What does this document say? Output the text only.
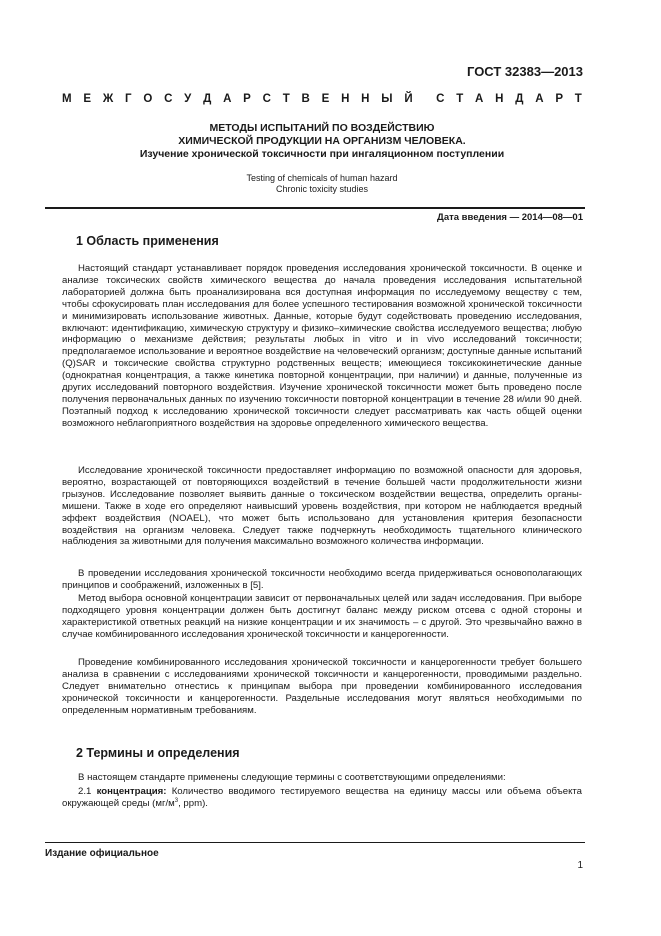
ГОСТ 32383—2013
М Е Ж Г О С У Д А Р С Т В Е Н Н Ы Й С Т А Н Д А Р Т
МЕТОДЫ ИСПЫТАНИЙ ПО ВОЗДЕЙСТВИЮ
ХИМИЧЕСКОЙ ПРОДУКЦИИ НА ОРГАНИЗМ ЧЕЛОВЕКА.
Изучение хронической токсичности при ингаляционном поступлении
Testing of chemicals of human hazard
Chronic toxicity studies
Дата введения — 2014—08—01
1 Область применения

Настоящий стандарт устанавливает порядок проведения исследования хронической токсичности. В оценке и анализе токсических свойств химического вещества до начала проведения исследования испытательной лабораторией должна быть проанализирована вся доступная информация по исследуемому веществу с тем, чтобы сфокусировать план исследования для более успешного тестирования возможной хронической токсичности и минимизировать использование животных. Данные, которые будут содействовать проведению исследования, включают: идентификацию, химическую структуру и физико–химические свойства исследуемого вещества; любую информацию о механизме действия; результаты любых in vitro и in vivo исследований токсичности; предполагаемое использование и вероятное воздействие на человеческий организм; доступные данные испытаний (Q)SAR и токсические свойства структурно родственных веществ; имеющиеся токсикокинетические данные (однократная концентрация, а также кинетика повторной концентрации, при наличии) и данные, полученные из других исследований повторного воздействия. Изучение хронической токсичности может быть проведено после получения первоначальных данных по изучению токсичности повторной концентрации в течение 28 и/или 90 дней. Поэтапный подход к исследованию хронической токсичности следует рассматривать как часть общей оценки возможного неблагоприятного воздействия на здоровье определенного химического вещества.

Исследование хронической токсичности предоставляет информацию по возможной опасности для здоровья, вероятно, возрастающей от повторяющихся воздействий в течение большей части продолжительности жизни грызунов. Исследование позволяет выявить данные о токсическом воздействии вещества, определить органы-мишени. Также в ходе его определяют наивысший уровень воздействия, при котором не наблюдается вредный эффект воздействия (NOAEL), что может быть использовано для установления критерия безопасности воздействия на организм человека. Следует также подчеркнуть необходимость тщательного клинического наблюдения за животными для получения максимально возможного количества информации.

В проведении исследования хронической токсичности необходимо всегда придерживаться основополагающих принципов и соображений, изложенных в [5].

Метод выбора основной концентрации зависит от первоначальных целей или задач исследования. При выборе подходящего уровня концентрации должен быть достигнут баланс между риском отсева с одной стороны и характеристикой ответных реакций на низкие концентрации и их значимость – с другой. Это чрезвычайно важно в случае комбинированного исследования хронической токсичности и канцерогенности.

Проведение комбинированного исследования хронической токсичности и канцерогенности требует большего анализа в сравнении с исследованиями хронической токсичности и канцерогенности, проводимыми раздельно. Следует внимательно отнестись к принципам выбора при проведении комбинированного исследования хронической токсичности и канцерогенности. Раздельные исследования могут являться необходимыми по определенным нормативным требованиям.

2 Термины и определения

В настоящем стандарте применены следующие термины с соответствующими определениями:

2.1 концентрация: Количество вводимого тестируемого вещества на единицу массы или объема объекта окружающей среды ($мг/м^3$, ppm).

Издание официальное
1
